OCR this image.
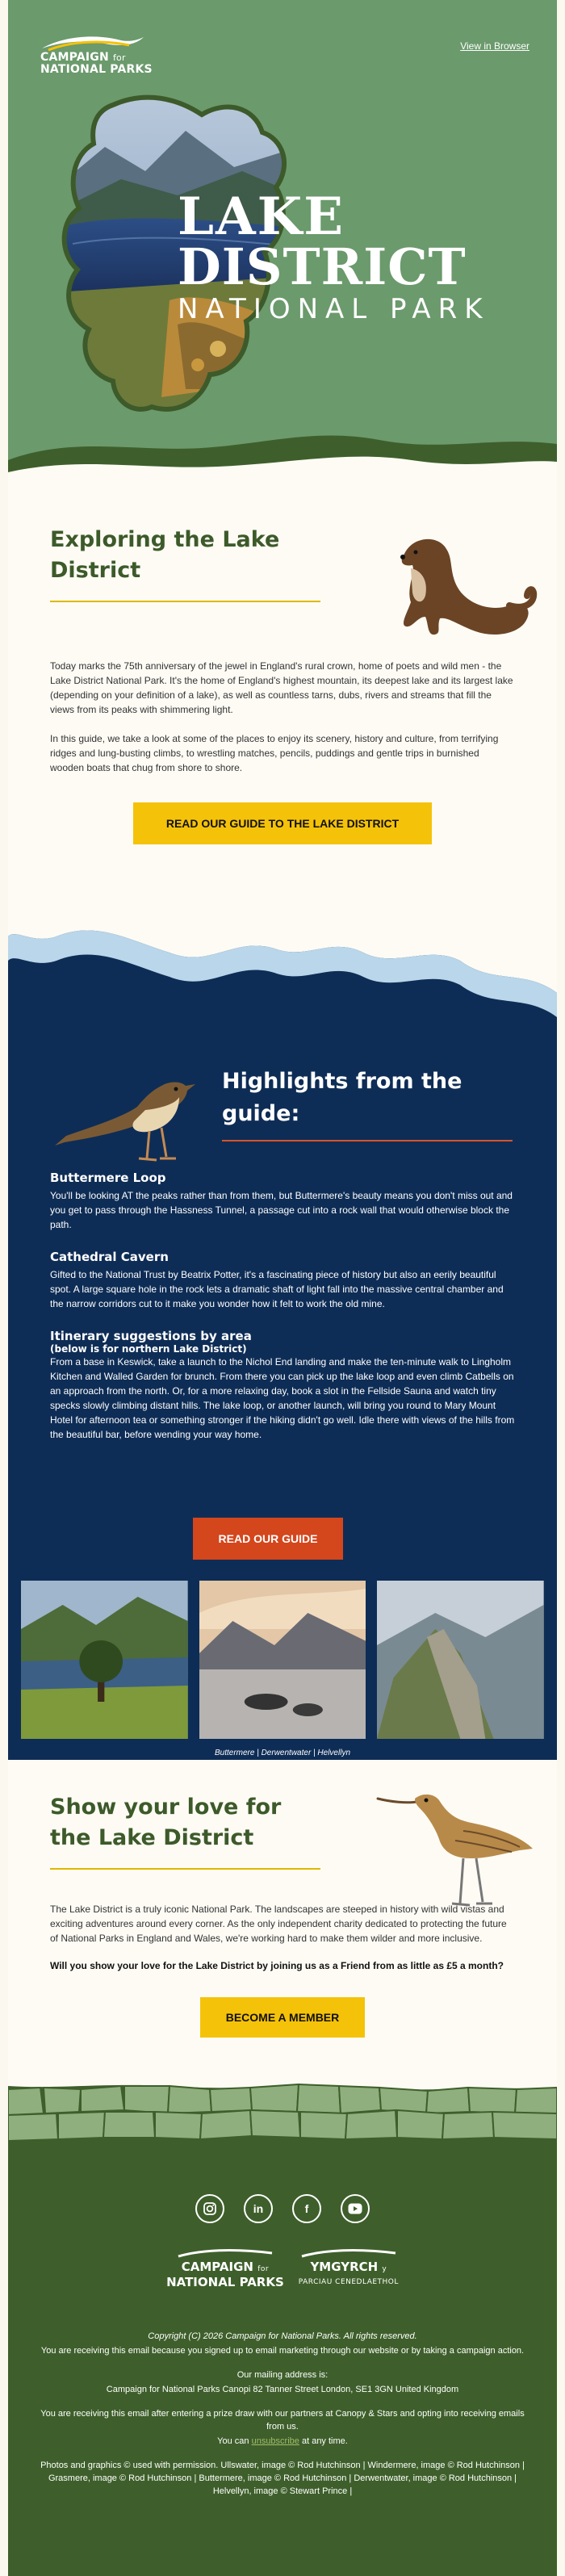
CAMPAIGN for
NATIONAL PARKS
View in Browser
LAKE
DISTRICT
NATIONAL PARK
Exploring the Lake District

Today marks the 75th anniversary of the jewel in England's rural crown, home of poets and wild men - the Lake District National Park. It's the home of England's highest mountain, its deepest lake and its largest lake (depending on your definition of a lake), as well as countless tarns, dubs, rivers and streams that fill the views from its peaks with shimmering light.

In this guide, we take a look at some of the places to enjoy its scenery, history and culture, from terrifying ridges and lung-busting climbs, to wrestling matches, pencils, puddings and gentle trips in burnished wooden boats that chug from shore to shore.

READ OUR GUIDE TO THE LAKE DISTRICT
Highlights from the guide:
Buttermere Loop

You'll be looking AT the peaks rather than from them, but Buttermere's beauty means you don't miss out and you get to pass through the Hassness Tunnel, a passage cut into a rock wall that would otherwise block the path.

Cathedral Cavern

Gifted to the National Trust by Beatrix Potter, it's a fascinating piece of history but also an eerily beautiful spot. A large square hole in the rock lets a dramatic shaft of light fall into the massive central chamber and the narrow corridors cut to it make you wonder how it felt to work the old mine.

Itinerary suggestions by area
(below is for northern Lake District)

From a base in Keswick, take a launch to the Nichol End landing and make the ten-minute walk to Lingholm Kitchen and Walled Garden for brunch. From there you can pick up the lake loop and even climb Catbells on an approach from the north. Or, for a more relaxing day, book a slot in the Fellside Sauna and watch tiny specks slowly climbing distant hills. The lake loop, or another launch, will bring you round to Mary Mount Hotel for afternoon tea or something stronger if the hiking didn't go well. Idle there with views of the hills from the beautiful bar, before wending your way home.

READ OUR GUIDE
Buttermere | Derwentwater | Helvellyn
Show your love for the Lake District

The Lake District is a truly iconic National Park. The landscapes are steeped in history with wild vistas and exciting adventures around every corner. As the only independent charity dedicated to protecting the future of National Parks in England and Wales, we're working hard to make them wilder and more inclusive.

Will you show your love for the Lake District by joining us as a Friend from as little as £5 a month?

BECOME A MEMBER
in	f
CAMPAIGN for
NATIONAL PARKS
YMGYRCH y
PARCIAU CENEDLAETHOL

Copyright (C) 2026 Campaign for National Parks. All rights reserved.

You are receiving this email because you signed up to email marketing through our website or by taking a campaign action.

Our mailing address is:

Campaign for National Parks Canopi 82 Tanner Street London, SE1 3GN United Kingdom

You are receiving this email after entering a prize draw with our partners at Canopy & Stars and opting into receiving emails from us.

You can unsubscribe at any time.

Photos and graphics © used with permission. Ullswater, image © Rod Hutchinson | Windermere, image © Rod Hutchinson | Grasmere, image © Rod Hutchinson | Buttermere, image © Rod Hutchinson | Derwentwater, image © Rod Hutchinson | Helvellyn, image © Stewart Prince |
